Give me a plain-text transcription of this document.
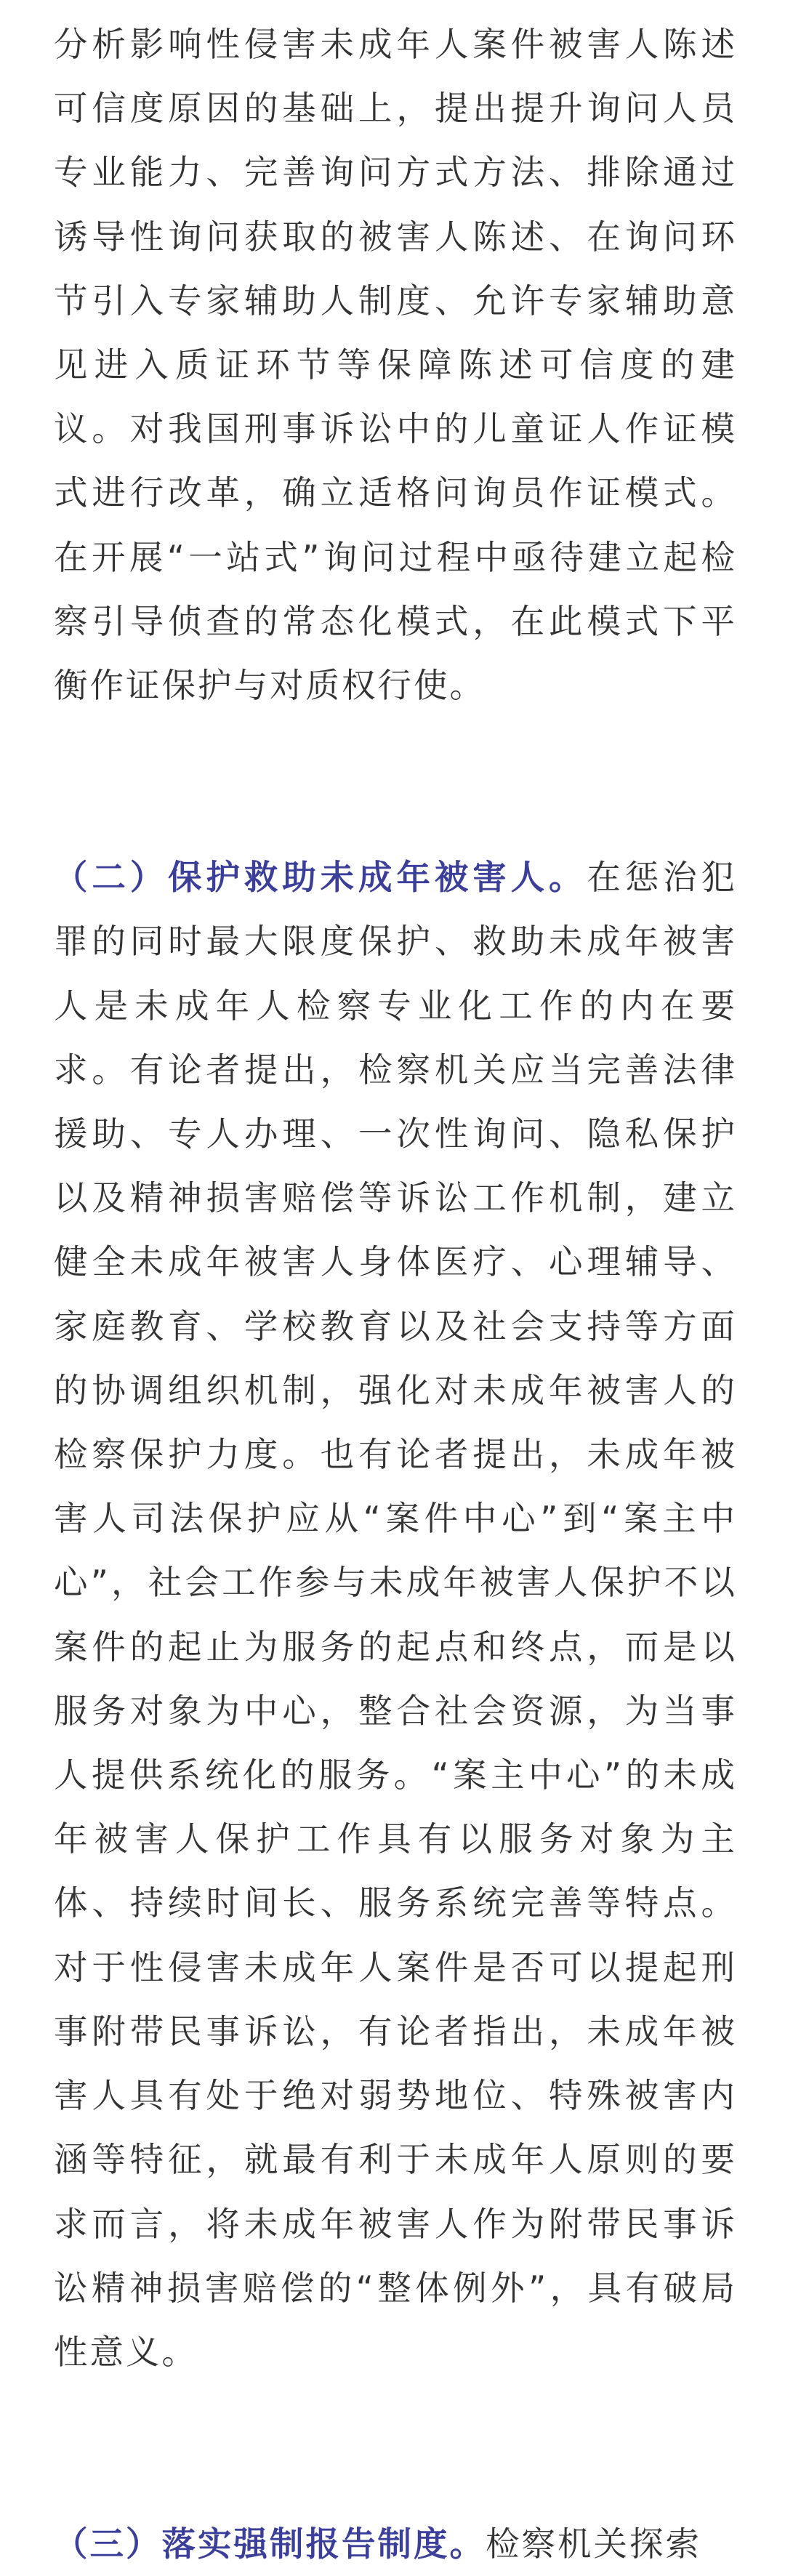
分析影响性侵害未成年人案件被害人陈述可信度原因的基础上，提出提升询问人员专业能力、完善询问方式方法、排除通过诱导性询问获取的被害人陈述、在询问环节引入专家辅助人制度、允许专家辅助意见进入质证环节等保障陈述可信度的建议。对我国刑事诉讼中的儿童证人作证模式进行改革，确立适格问询员作证模式。在开展“一站式”询问过程中亟待建立起检察引导侦查的常态化模式，在此模式下平衡作证保护与对质权行使。

（二）保护救助未成年被害人。在惩治犯罪的同时最大限度保护、救助未成年被害人是未成年人检察专业化工作的内在要求。有论者提出，检察机关应当完善法律援助、专人办理、一次性询问、隐私保护以及精神损害赔偿等诉讼工作机制，建立健全未成年被害人身体医疗、心理辅导、家庭教育、学校教育以及社会支持等方面的协调组织机制，强化对未成年被害人的检察保护力度。也有论者提出，未成年被害人司法保护应从“案件中心”到“案主中心”，社会工作参与未成年被害人保护不以案件的起止为服务的起点和终点，而是以服务对象为中心，整合社会资源，为当事人提供系统化的服务。“案主中心”的未成年被害人保护工作具有以服务对象为主体、持续时间长、服务系统完善等特点。对于性侵害未成年人案件是否可以提起刑事附带民事诉讼，有论者指出，未成年被害人具有处于绝对弱势地位、特殊被害内涵等特征，就最有利于未成年人原则的要求而言，将未成年被害人作为附带民事诉讼精神损害赔偿的“整体例外”，具有破局性意义。

（三）落实强制报告制度。检察机关探索
